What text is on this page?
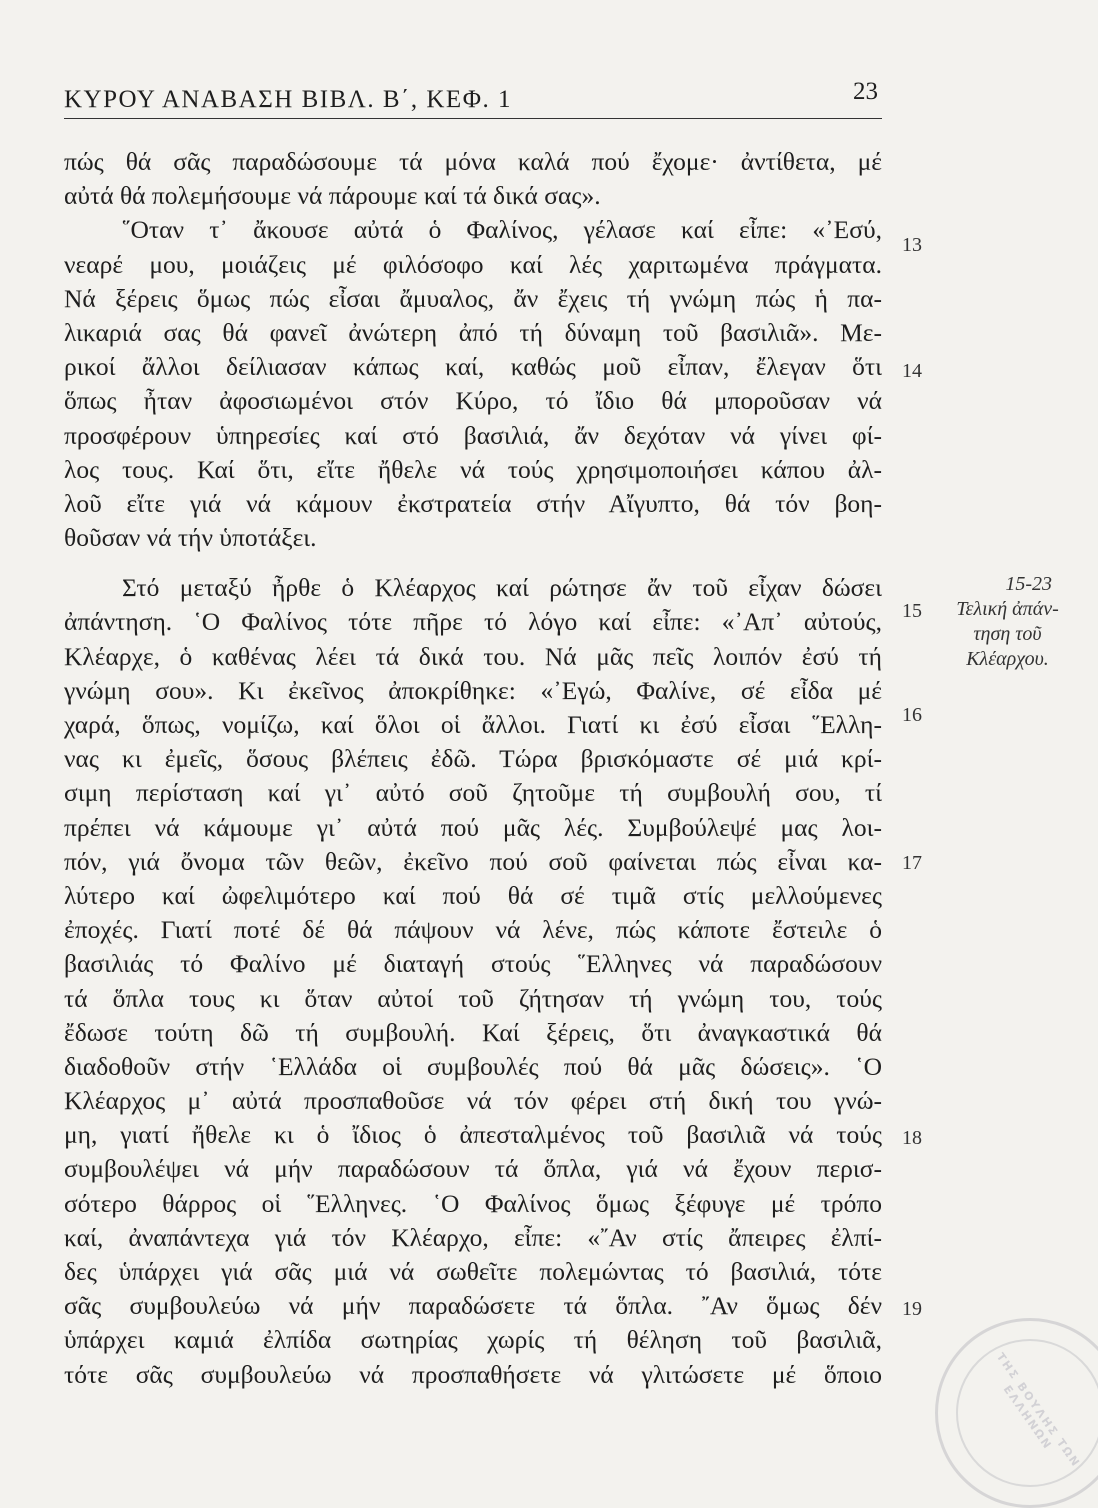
ΚΥΡΟΥ ΑΝΑΒΑΣΗ ΒΙΒΛ. Β΄, ΚΕΦ. 1	23
πώς θά σᾶς παραδώσουμε τά μόνα καλά πού ἔχομε· ἀντίθετα, μέ
αὐτά θά πολεμήσουμε νά πάρουμε καί τά δικά σας».
῞Οταν τ᾽ ἄκουσε αὐτά ὁ Φαλίνος, γέλασε καί εἶπε: «᾽Εσύ,
νεαρέ μου, μοιάζεις μέ φιλόσοφο καί λές χαριτωμένα πράγματα.
Νά ξέρεις ὅμως πώς εἶσαι ἄμυαλος, ἄν ἔχεις τή γνώμη πώς ἡ πα-
λικαριά σας θά φανεῖ ἀνώτερη ἀπό τή δύναμη τοῦ βασιλιᾶ». Με-
ρικοί ἄλλοι δείλιασαν κάπως καί, καθώς μοῦ εἶπαν, ἔλεγαν ὅτι
ὅπως ἦταν ἀφοσιωμένοι στόν Κύρο, τό ἴδιο θά μποροῦσαν νά
προσφέρουν ὑπηρεσίες καί στό βασιλιά, ἄν δεχόταν νά γίνει φί-
λος τους. Καί ὅτι, εἴτε ἤθελε νά τούς χρησιμοποιήσει κάπου ἀλ-
λοῦ εἴτε γιά νά κάμουν ἐκστρατεία στήν Αἴγυπτο, θά τόν βοη-
θοῦσαν νά τήν ὑποτάξει.
Στό μεταξύ ἦρθε ὁ Κλέαρχος καί ρώτησε ἄν τοῦ εἶχαν δώσει
ἀπάντηση. ῾Ο Φαλίνος τότε πῆρε τό λόγο καί εἶπε: «᾽Απ᾽ αὐτούς,
Κλέαρχε, ὁ καθένας λέει τά δικά του. Νά μᾶς πεῖς λοιπόν ἐσύ τή
γνώμη σου». Κι ἐκεῖνος ἀποκρίθηκε: «᾽Εγώ, Φαλίνε, σέ εἶδα μέ
χαρά, ὅπως, νομίζω, καί ὅλοι οἱ ἄλλοι. Γιατί κι ἐσύ εἶσαι ῞Ελλη-
νας κι ἐμεῖς, ὅσους βλέπεις ἐδῶ. Τώρα βρισκόμαστε σέ μιά κρί-
σιμη περίσταση καί γι᾽ αὐτό σοῦ ζητοῦμε τή συμβουλή σου, τί
πρέπει νά κάμουμε γι᾽ αὐτά πού μᾶς λές. Συμβούλεψέ μας λοι-
πόν, γιά ὄνομα τῶν θεῶν, ἐκεῖνο πού σοῦ φαίνεται πώς εἶναι κα-
λύτερο καί ὠφελιμότερο καί πού θά σέ τιμᾶ στίς μελλούμενες
ἐποχές. Γιατί ποτέ δέ θά πάψουν νά λένε, πώς κάποτε ἔστειλε ὁ
βασιλιάς τό Φαλίνο μέ διαταγή στούς ῞Ελληνες νά παραδώσουν
τά ὅπλα τους κι ὅταν αὐτοί τοῦ ζήτησαν τή γνώμη του, τούς
ἔδωσε τούτη δῶ τή συμβουλή. Καί ξέρεις, ὅτι ἀναγκαστικά θά
διαδοθοῦν στήν ῾Ελλάδα οἱ συμβουλές πού θά μᾶς δώσεις». ῾Ο
Κλέαρχος μ᾽ αὐτά προσπαθοῦσε νά τόν φέρει στή δική του γνώ-
μη, γιατί ἤθελε κι ὁ ἴδιος ὁ ἀπεσταλμένος τοῦ βασιλιᾶ νά τούς
συμβουλέψει νά μήν παραδώσουν τά ὅπλα, γιά νά ἔχουν περισ-
σότερο θάρρος οἱ ῞Ελληνες. ῾Ο Φαλίνος ὅμως ξέφυγε μέ τρόπο
καί, ἀναπάντεχα γιά τόν Κλέαρχο, εἶπε: «῎Αν στίς ἄπειρες ἐλπί-
δες ὑπάρχει γιά σᾶς μιά νά σωθεῖτε πολεμώντας τό βασιλιά, τότε
σᾶς συμβουλεύω νά μήν παραδώσετε τά ὅπλα. ῎Αν ὅμως δέν
ὑπάρχει καμιά ἐλπίδα σωτηρίας χωρίς τή θέληση τοῦ βασιλιᾶ,
τότε σᾶς συμβουλεύω νά προσπαθήσετε νά γλιτώσετε μέ ὅποιο
13
14
15
16
17
18
19
15-23
Τελική ἀπάν-
τηση τοῦ
Κλέαρχου.
ΤΗΣ ΒΟΥΛΗΣ ΤΩΝ ΕΛΛΗΝΩΝ
